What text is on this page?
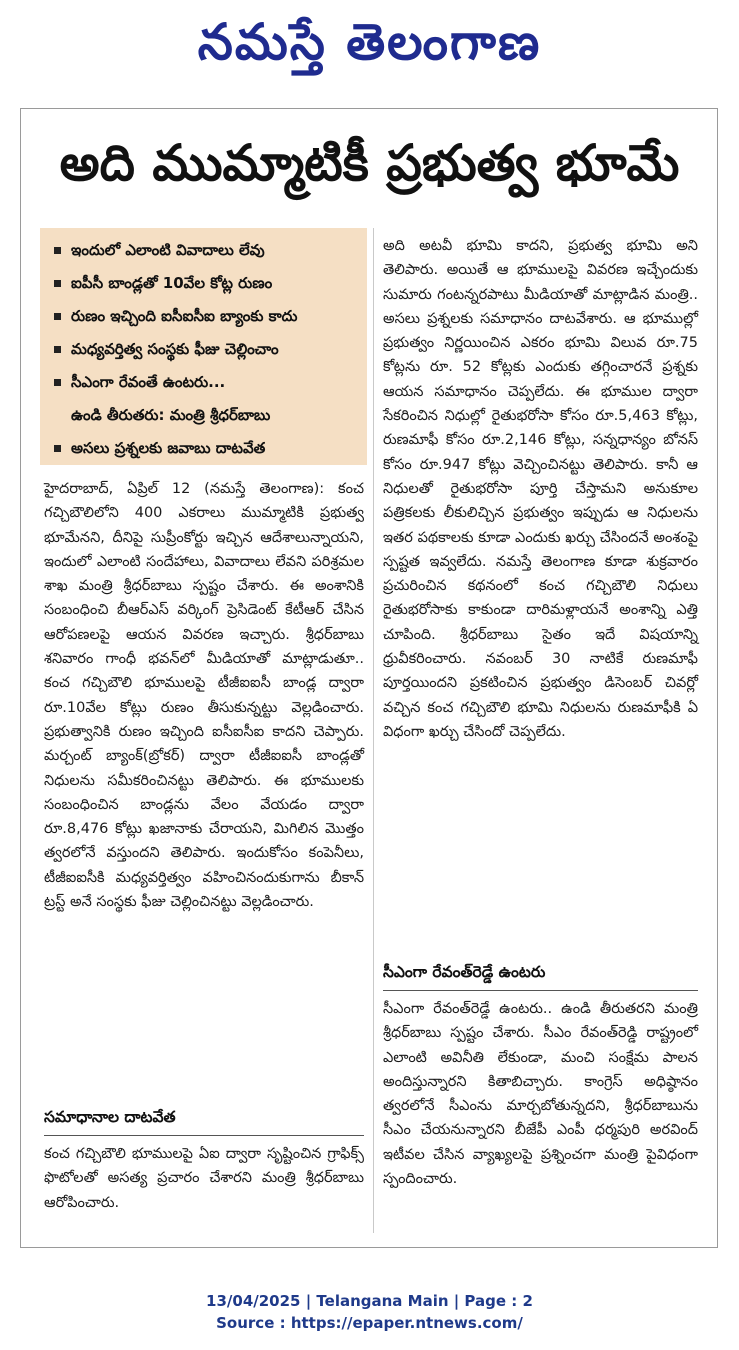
నమస్తే తెలంగాణ
అది ముమ్మాటికీ ప్రభుత్వ భూమే
ఇందులో ఎలాంటి వివాదాలు లేవు
ఐపీసీ బాండ్లతో 10వేల కోట్ల రుణం
రుణం ఇచ్చింది ఐసీఐసీఐ బ్యాంకు కాదు
మధ్యవర్తిత్వ సంస్థకు ఫీజు చెల్లించాం
సీఎంగా రేవంతే ఉంటరు...
ఉండి తీరుతరు: మంత్రి శ్రీధర్‌బాబు
అసలు ప్రశ్నలకు జవాబు దాటవేత

హైదరాబాద్, ఏప్రిల్ 12 (నమస్తే తెలంగాణ): కంచ గచ్చిబౌలిలోని 400 ఎకరాలు ముమ్మాటికి ప్రభుత్వ భూమేనని, దీనిపై సుప్రీంకోర్టు ఇచ్చిన ఆదేశాలున్నాయని, ఇందులో ఎలాంటి సందేహాలు, వివాదాలు లేవని పరిశ్రమల శాఖ మంత్రి శ్రీధర్‌బాబు స్పష్టం చేశారు. ఈ అంశానికి సంబంధించి బీఆర్‌ఎస్ వర్కింగ్ ప్రెసిడెంట్ కేటీఆర్ చేసిన ఆరోపణలపై ఆయన వివరణ ఇచ్చారు. శ్రీధర్‌బాబు శనివారం గాంధీ భవన్‌లో మీడియాతో మాట్లాడుతూ.. కంచ గచ్చిబౌలి భూములపై టీజీఐఐసీ బాండ్ల ద్వారా రూ.10వేల కోట్లు రుణం తీసుకున్నట్టు వెల్లడించారు. ప్రభుత్వానికి రుణం ఇచ్చింది ఐసీఐసీఐ కాదని చెప్పారు. మర్చంట్ బ్యాంక్(బ్రోకర్) ద్వారా టీజీఐఐసీ బాండ్లతో నిధులను సమీకరించినట్టు తెలిపారు. ఈ భూములకు సంబంధించిన బాండ్లను వేలం వేయడం ద్వారా రూ.8,476 కోట్లు ఖజానాకు చేరాయని, మిగిలిన మొత్తం త్వరలోనే వస్తుందని తెలిపారు. ఇందుకోసం కంపెనీలు, టీజీఐఐసీకి మధ్యవర్తిత్వం వహించినందుకుగాను బీకాన్ ట్రస్ట్ అనే సంస్థకు ఫీజు చెల్లించినట్టు వెల్లడించారు.

సమాధానాల దాటవేత

కంచ గచ్చిబౌలి భూములపై ఏఐ ద్వారా సృష్టించిన గ్రాఫిక్స్ ఫొటోలతో అసత్య ప్రచారం చేశారని మంత్రి శ్రీధర్‌బాబు ఆరోపించారు.

అది అటవీ భూమి కాదని, ప్రభుత్వ భూమి అని తెలిపారు. అయితే ఆ భూములపై వివరణ ఇచ్చేందుకు సుమారు గంటన్నరపాటు మీడియాతో మాట్లాడిన మంత్రి.. అసలు ప్రశ్నలకు సమాధానం దాటవేశారు. ఆ భూముల్లో ప్రభుత్వం నిర్ణయించిన ఎకరం భూమి విలువ రూ.75 కోట్లను రూ. 52 కోట్లకు ఎందుకు తగ్గించారనే ప్రశ్నకు ఆయన సమాధానం చెప్పలేదు. ఈ భూముల ద్వారా సేకరించిన నిధుల్లో రైతుభరోసా కోసం రూ.5,463 కోట్లు, రుణమాఫీ కోసం రూ.2,146 కోట్లు, సన్నధాన్యం బోనస్ కోసం రూ.947 కోట్లు వెచ్చించినట్టు తెలిపారు. కానీ ఆ నిధులతో రైతుభరోసా పూర్తి చేస్తామని అనుకూల పత్రికలకు లీకులిచ్చిన ప్రభుత్వం ఇప్పుడు ఆ నిధులను ఇతర పథకాలకు కూడా ఎందుకు ఖర్చు చేసిందనే అంశంపై స్పష్టత ఇవ్వలేదు. నమస్తే తెలంగాణ కూడా శుక్రవారం ప్రచురించిన కథనంలో కంచ గచ్చిబౌలి నిధులు రైతుభరోసాకు కాకుండా దారిమళ్లాయనే అంశాన్ని ఎత్తి చూపింది. శ్రీధర్‌బాబు సైతం ఇదే విషయాన్ని ధ్రువీకరించారు. నవంబర్ 30 నాటికే రుణమాఫీ పూర్తయిందని ప్రకటించిన ప్రభుత్వం డిసెంబర్ చివర్లో వచ్చిన కంచ గచ్చిబౌలి భూమి నిధులను రుణమాఫీకి ఏ విధంగా ఖర్చు చేసిందో చెప్పలేదు.

సీఎంగా రేవంత్‌రెడ్డే ఉంటరు

సీఎంగా రేవంత్‌రెడ్డే ఉంటరు.. ఉండి తీరుతరని మంత్రి శ్రీధర్‌బాబు స్పష్టం చేశారు. సీఎం రేవంత్‌రెడ్డి రాష్ట్రంలో ఎలాంటి అవినీతి లేకుండా, మంచి సంక్షేమ పాలన అందిస్తున్నారని కితాబిచ్చారు. కాంగ్రెస్ అధిష్ఠానం త్వరలోనే సీఎంను మార్చబోతున్నదని, శ్రీధర్‌బాబును సీఎం చేయనున్నారని బీజేపీ ఎంపీ ధర్మపురి అరవింద్ ఇటీవల చేసిన వ్యాఖ్యలపై ప్రశ్నించగా మంత్రి పైవిధంగా స్పందించారు.

13/04/2025 | Telangana Main | Page : 2
Source : https://epaper.ntnews.com/
